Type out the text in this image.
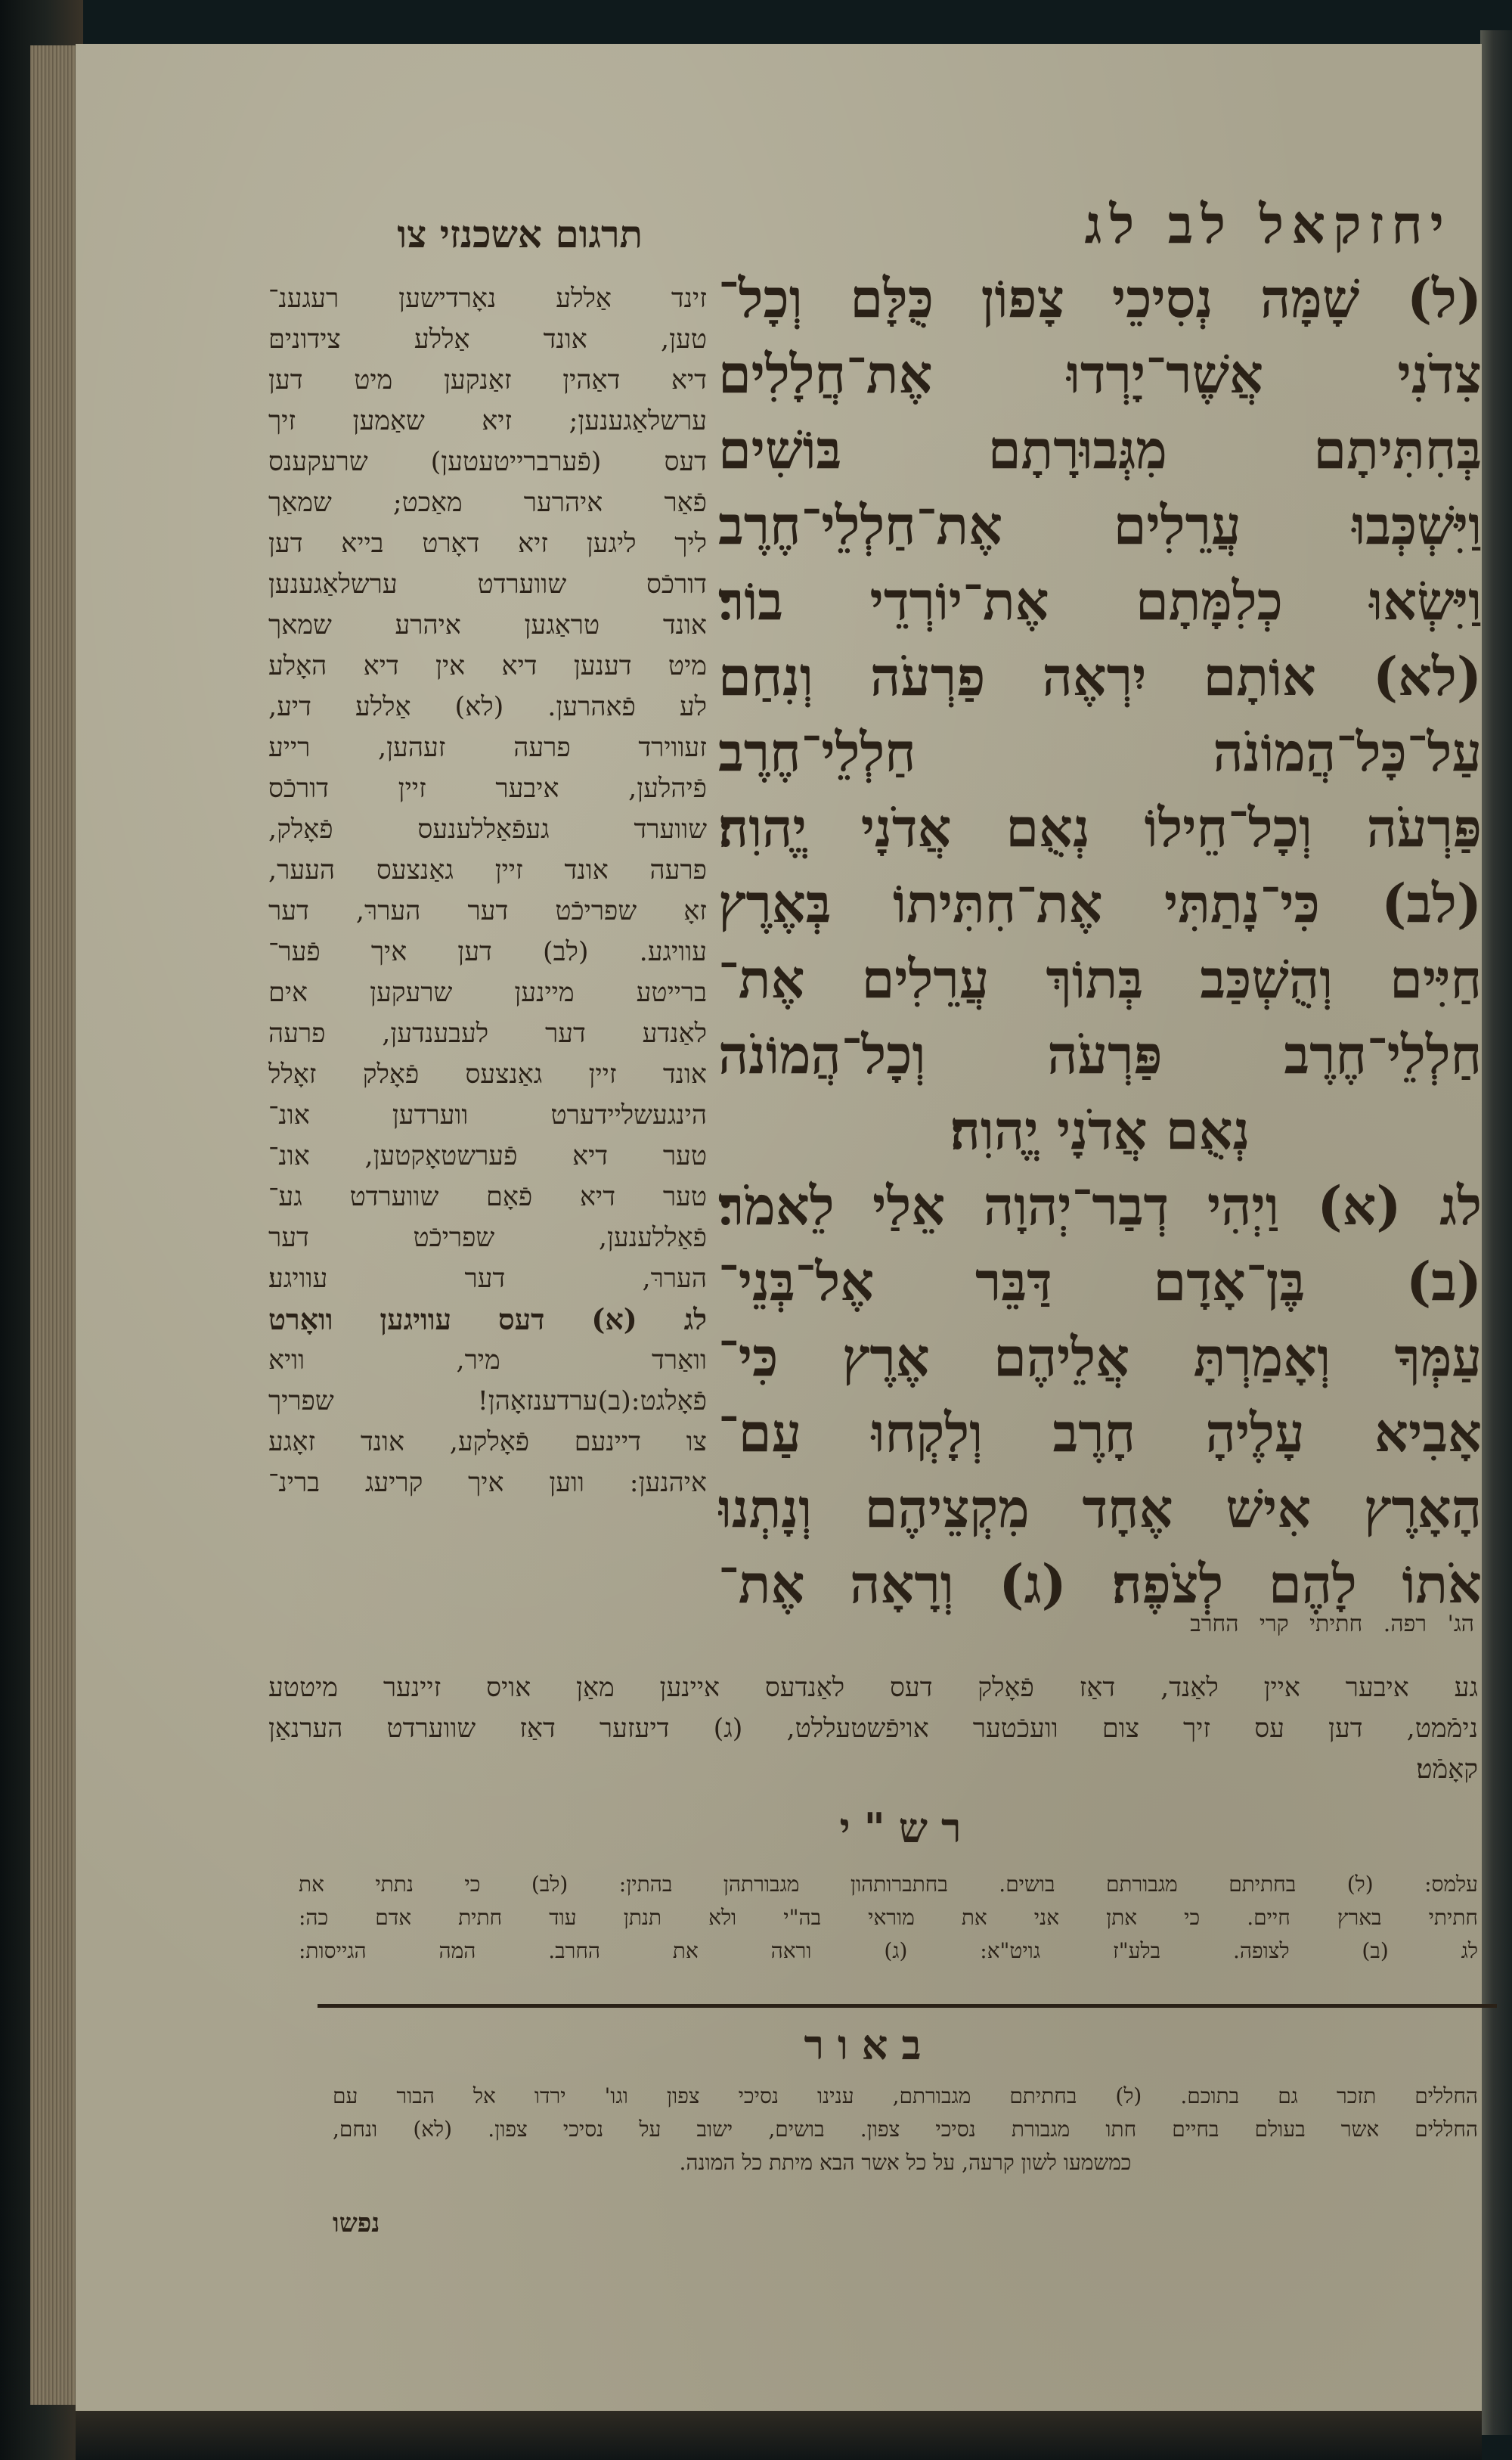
יחזקאל לב לג
תרגום אשכנזי צו
(ל) שָׁמָּה נְסִיכֵי צָפוֹן כֻּלָּם וְכָל־
צִדֹנִי אֲשֶׁר־יָרְדוּ אֶת־חֲלָלִים
בְּחִתִּיתָם מִגְּבוּרָתָם בּוֹשִׁים
וַיִּשְׁכְּבוּ עֲרֵלִים אֶת־חַלְלֵי־חֶרֶב
וַיִּשְׂאוּ כְלִמָּתָם אֶת־יוֹרְדֵי בוֹר׃
(לא) אוֹתָם יִרְאֶה פַרְעֹה וְנִחַם
עַל־כָּל־הֲמוֹנֹה חַלְלֵי־חֶרֶב
פַּרְעֹה וְכָל־חֵילוֹ נְאֻם אֲדֹנָי יֱהוִה׃
(לב) כִּי־נָתַתִּי אֶת־חִתִּיתוֹ בְּאֶרֶץ
חַיִּים וְהֻשְׁכַּב בְּתוֹךְ עֲרֵלִים אֶת־
חַלְלֵי־חֶרֶב פַּרְעֹה וְכָל־הֲמוֹנֹה
נְאֻם אֲדֹנָי יֱהוִה׃
לג (א) וַיְהִי דְבַר־יְהוָה אֵלַי לֵאמֹר׃
(ב) בֶּן־אָדָם דַּבֵּר אֶל־בְּנֵי־
עַמְּךָ וְאָמַרְתָּ אֲלֵיהֶם אֶרֶץ כִּי־
אָבִיא עָלֶיהָ חָרֶב וְלָקְחוּ עַם־
הָאָרֶץ אִישׁ אֶחָד מִקְצֵיהֶם וְנָתְנוּ
אֹתוֹ לָהֶם לְצֹפֶה׃ (ג) וְרָאָה אֶת־
הג' רפה. חתיתי קרי החרב
זינד אַללע נאָרדישען רעגענ־
טען, אונד אַללע צידוניםּ
דיא דאַהין זאַנקען מיט דען
ערשלאַגענען; זיא שאַמען זיך
דעס (פֿערברייטעטען) שרעקענס
פֿאַר איהרער מאַכט; שמאַך
ליך ליגען זיא דאָרט בייא דען
דורכֿס שווערדט ערשלאַגענען
אונד טראַגען איהרע שמאך
מיט דענען דיא אין דיא האָלע
לע פֿאהרען. (לא) אַללע דיע,
זעווירד פרעה זעהען, רייע
פֿיהלען, איבער זיין דורכֿס
שווערד געפֿאַללענעס פֿאָלק,
פרעה אונד זיין גאַנצעס העער,
זאָ שפריכֿט דער העררּ, דער
עוויגע. (לב) דען איך פֿער־
ברייטע מיינען שרעקען אים
לאַנדע דער לעבענדען, פרעה
אונד זיין גאַנצעס פֿאָלק זאָלל
הינגעשליידערט ווערדען אונ־
טער דיא פֿערשטאָקטען, אונ־
טער דיא פֿאָם שווערדט גע־
פֿאַללענען, שפריכֿט דער
העררּ, דער עוויגע׃
לג (א) דעס עוויגען וואָרט
וואַרד מיר, וויא
פֿאָלגט:(ב)ערדענזאָהן! שפריך
צו דיינעם פֿאָלקע, אונד זאָגע
איהנען: ווען איך קריעג ברינ־
גע איבער איין לאַנד, דאַז פֿאָלק דעס לאַנדעס איינען מאַן אויס זיינער מיטטע
נימֿמט, דען עס זיך צום וועכֿטער אויפֿשטעללט, (ג) דיעזער דאַז שווערדט הערנאַן
קאָמֿט׃
רש"י
עלמס: (ל) בחתיתם מגבורתם בושים. בחתברותהון מגבורתהן בהתין: (לב) כי נתתי את
חתיתי בארץ חיים. כי אתן אני את מוראי בה"י ולא תנתן עוד חתית אדם כה:
לג (ב) לצופה. בלע"ז גויט"א: (ג) וראה את החרב. המה הגייסות:
באור
החללים תזכר גם בתוכם. (ל) בחתיתם מגבורתם, ענינו נסיכי צפון וגו' ירדו אל הבור עם
החללים אשר בעולם בחיים חתו מגבורת נסיכי צפון. בושים, ישוב על נסיכי צפון. (לא) ונחם,
כמשמעו לשון קרעה, על כל אשר הבא מיתת כל המונה.
נפשו
